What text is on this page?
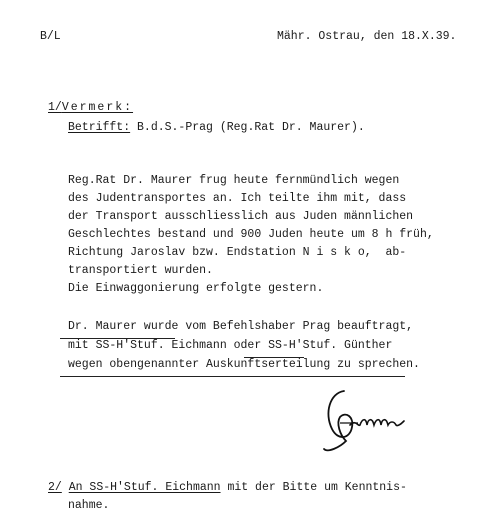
B/L	Mähr. Ostrau, den 18.X.39.
1/Vermerk:
Betrifft: B.d.S.-Prag (Reg.Rat Dr. Maurer).
Reg.Rat Dr. Maurer frug heute fernmündlich wegen
des Judentransportes an. Ich teilte ihm mit, dass
der Transport ausschliesslich aus Juden männlichen
Geschlechtes bestand und 900 Juden heute um 8 h früh,
Richtung Jaroslav bzw. Endstation N i s k o,  ab-
transportiert wurden.
Die Einwaggonierung erfolgte gestern.
Dr. Maurer wurde vom Befehlshaber Prag beauftragt,
mit SS-H'Stuf. Eichmann oder SS-H'Stuf. Günther
wegen obengenannter Auskunftserteilung zu sprechen.
2/ An SS-H'Stuf. Eichmann mit der Bitte um Kenntnis-
nahme.
